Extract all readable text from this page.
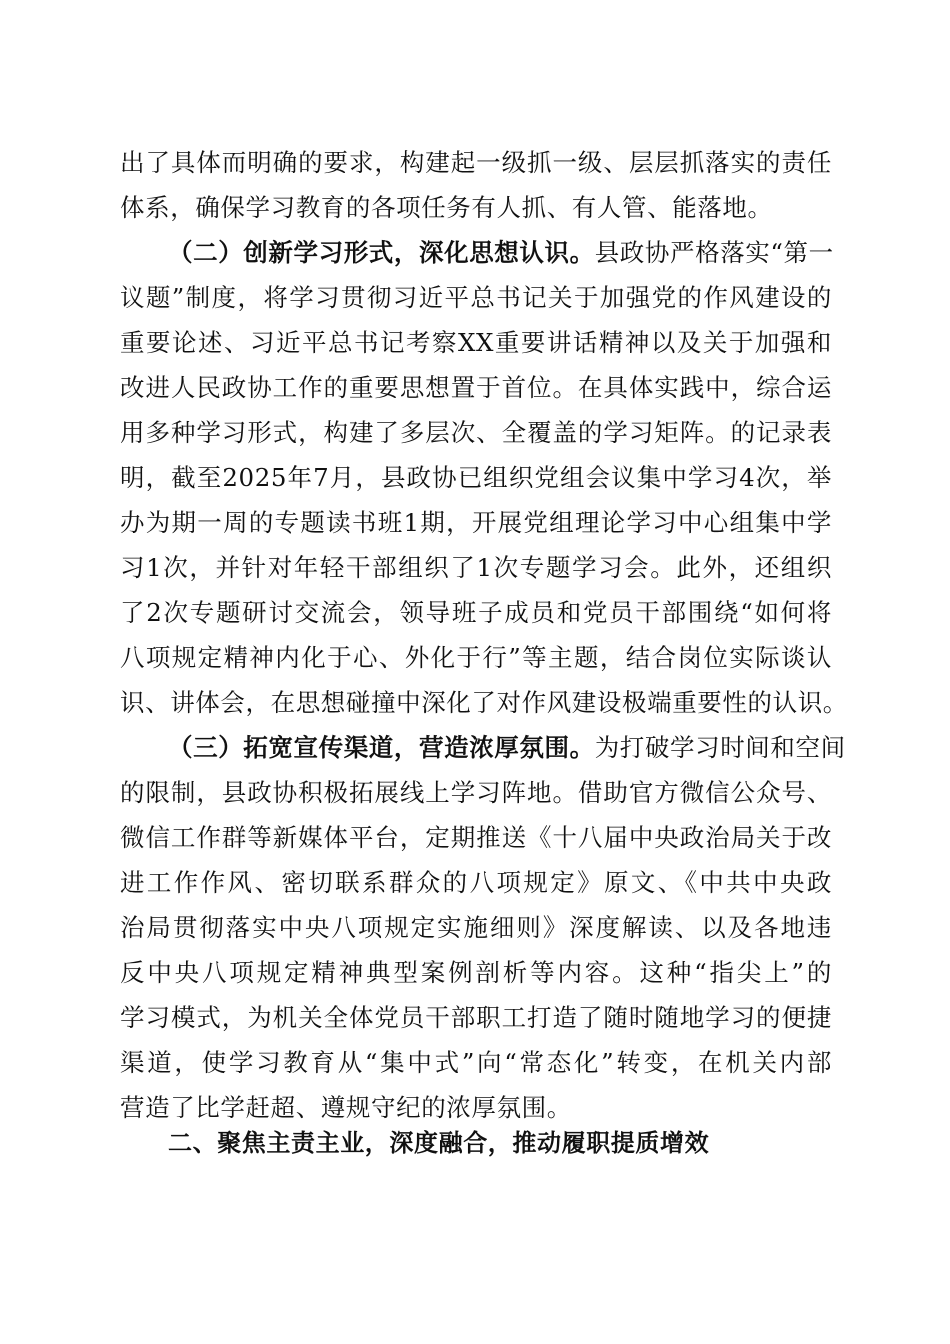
出了具体而明确的要求，构建起一级抓一级、层层抓落实的责任
体系，确保学习教育的各项任务有人抓、有人管、能落地。
（二）创新学习形式，深化思想认识。县政协严格落实“第一
议题”制度，将学习贯彻习近平总书记关于加强党的作风建设的
重要论述、习近平总书记考察XX重要讲话精神以及关于加强和
改进人民政协工作的重要思想置于首位。在具体实践中，综合运
用多种学习形式，构建了多层次、全覆盖的学习矩阵。的记录表
明，截至2025年7月，县政协已组织党组会议集中学习4次，举
办为期一周的专题读书班1期，开展党组理论学习中心组集中学
习1次，并针对年轻干部组织了1次专题学习会。此外，还组织
了2次专题研讨交流会，领导班子成员和党员干部围绕“如何将
八项规定精神内化于心、外化于行”等主题，结合岗位实际谈认
识、讲体会，在思想碰撞中深化了对作风建设极端重要性的认识。
（三）拓宽宣传渠道，营造浓厚氛围。为打破学习时间和空间
的限制，县政协积极拓展线上学习阵地。借助官方微信公众号、
微信工作群等新媒体平台，定期推送《十八届中央政治局关于改
进工作作风、密切联系群众的八项规定》原文、《中共中央政
治局贯彻落实中央八项规定实施细则》深度解读、以及各地违
反中央八项规定精神典型案例剖析等内容。这种“指尖上”的
学习模式，为机关全体党员干部职工打造了随时随地学习的便捷
渠道，使学习教育从“集中式”向“常态化”转变，在机关内部
营造了比学赶超、遵规守纪的浓厚氛围。
二、聚焦主责主业，深度融合，推动履职提质增效
